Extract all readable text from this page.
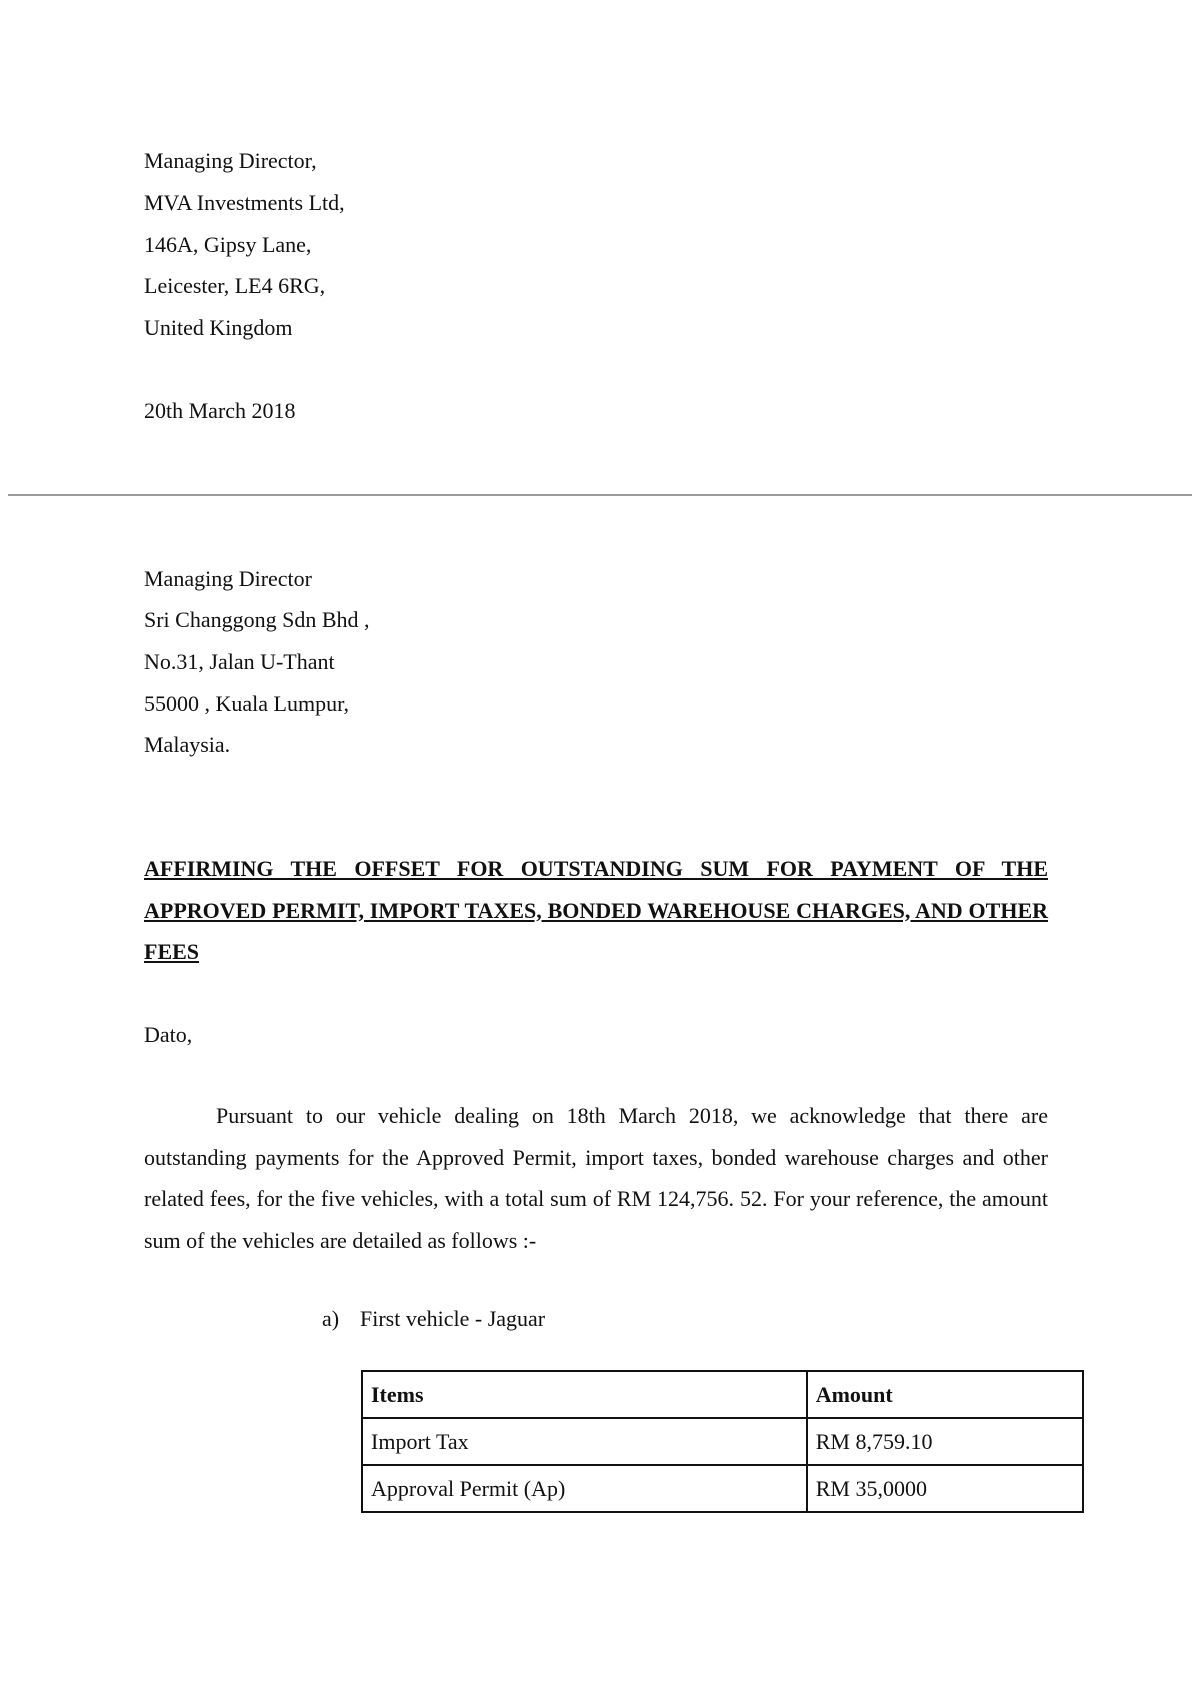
Managing Director,
MVA Investments Ltd,
146A, Gipsy Lane,
Leicester, LE4 6RG,
United Kingdom
20th March 2018
Managing Director
Sri Changgong Sdn Bhd ,
No.31, Jalan U-Thant
55000 , Kuala Lumpur,
Malaysia.
AFFIRMING THE OFFSET FOR OUTSTANDING SUM FOR PAYMENT OF THE APPROVED PERMIT, IMPORT TAXES, BONDED WAREHOUSE CHARGES, AND OTHER FEES
Dato,
Pursuant to our vehicle dealing on 18th March 2018, we acknowledge that there are outstanding payments for the Approved Permit, import taxes, bonded warehouse charges and other related fees, for the five vehicles, with a total sum of RM 124,756. 52. For your reference, the amount sum of the vehicles are detailed as follows :-
a) First vehicle - Jaguar
Items	Amount
Import Tax	RM 8,759.10
Approval Permit (Ap)	RM 35,0000
